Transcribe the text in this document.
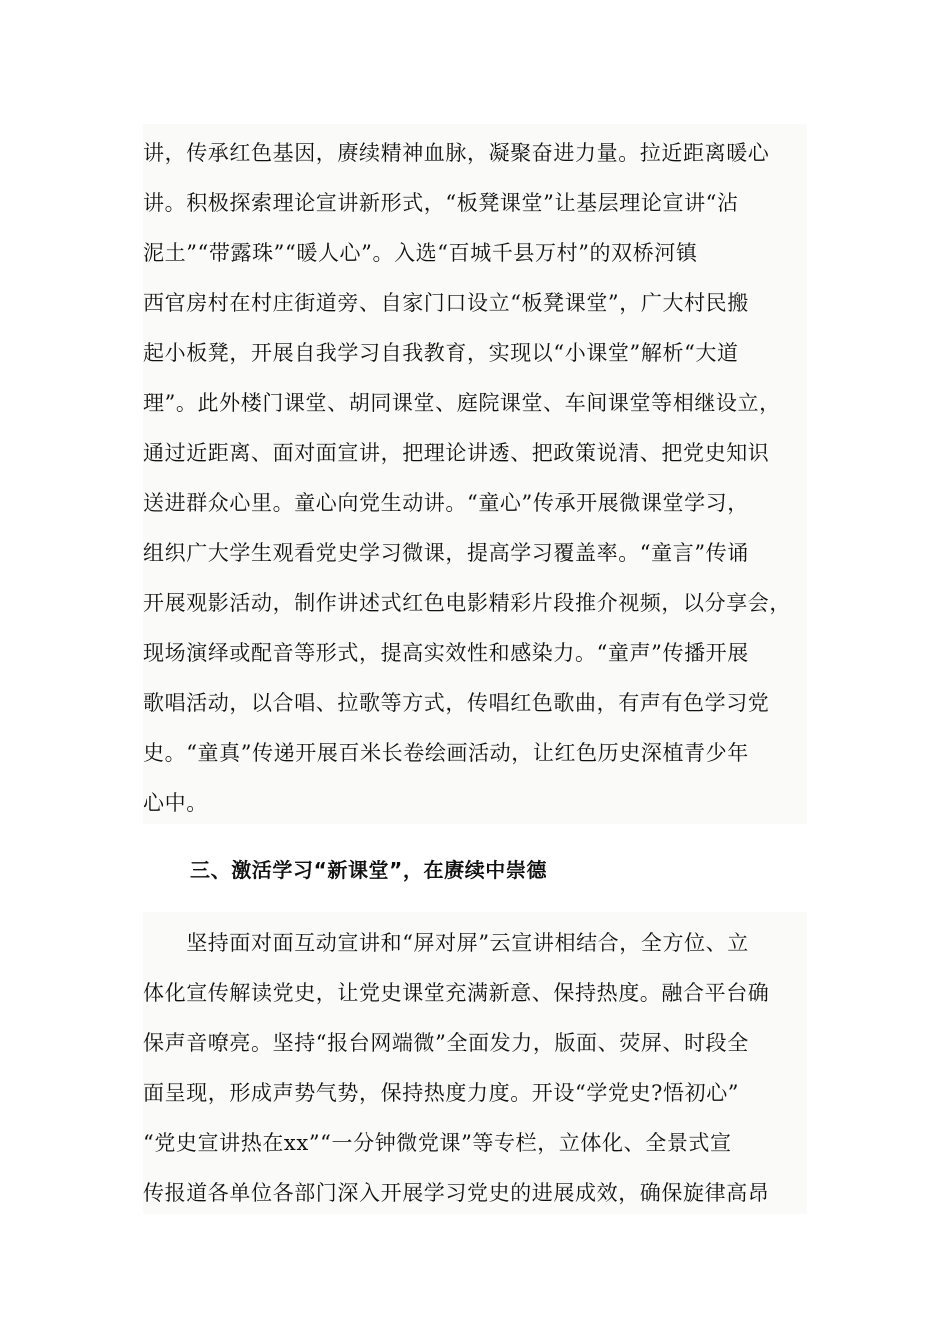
讲，传承红色基因，赓续精神血脉，凝聚奋进力量。拉近距离暖心
讲。积极探索理论宣讲新形式，“板凳课堂”让基层理论宣讲“沾
泥土”“带露珠”“暖人心”。入选“百城千县万村”的双桥河镇
西官房村在村庄街道旁、自家门口设立“板凳课堂”，广大村民搬
起小板凳，开展自我学习自我教育，实现以“小课堂”解析“大道
理”。此外楼门课堂、胡同课堂、庭院课堂、车间课堂等相继设立，
通过近距离、面对面宣讲，把理论讲透、把政策说清、把党史知识
送进群众心里。童心向党生动讲。“童心”传承开展微课堂学习，
组织广大学生观看党史学习微课，提高学习覆盖率。“童言”传诵
开展观影活动，制作讲述式红色电影精彩片段推介视频，以分享会，
现场演绎或配音等形式，提高实效性和感染力。“童声”传播开展
歌唱活动，以合唱、拉歌等方式，传唱红色歌曲，有声有色学习党
史。“童真”传递开展百米长卷绘画活动，让红色历史深植青少年
心中。
三、激活学习“新课堂”，在赓续中崇德
　　坚持面对面互动宣讲和“屏对屏”云宣讲相结合，全方位、立
体化宣传解读党史，让党史课堂充满新意、保持热度。融合平台确
保声音嘹亮。坚持“报台网端微”全面发力，版面、荧屏、时段全
面呈现，形成声势气势，保持热度力度。开设“学党史?悟初心”
“党史宣讲热在xx”“一分钟微党课”等专栏，立体化、全景式宣
传报道各单位各部门深入开展学习党史的进展成效，确保旋律高昂
